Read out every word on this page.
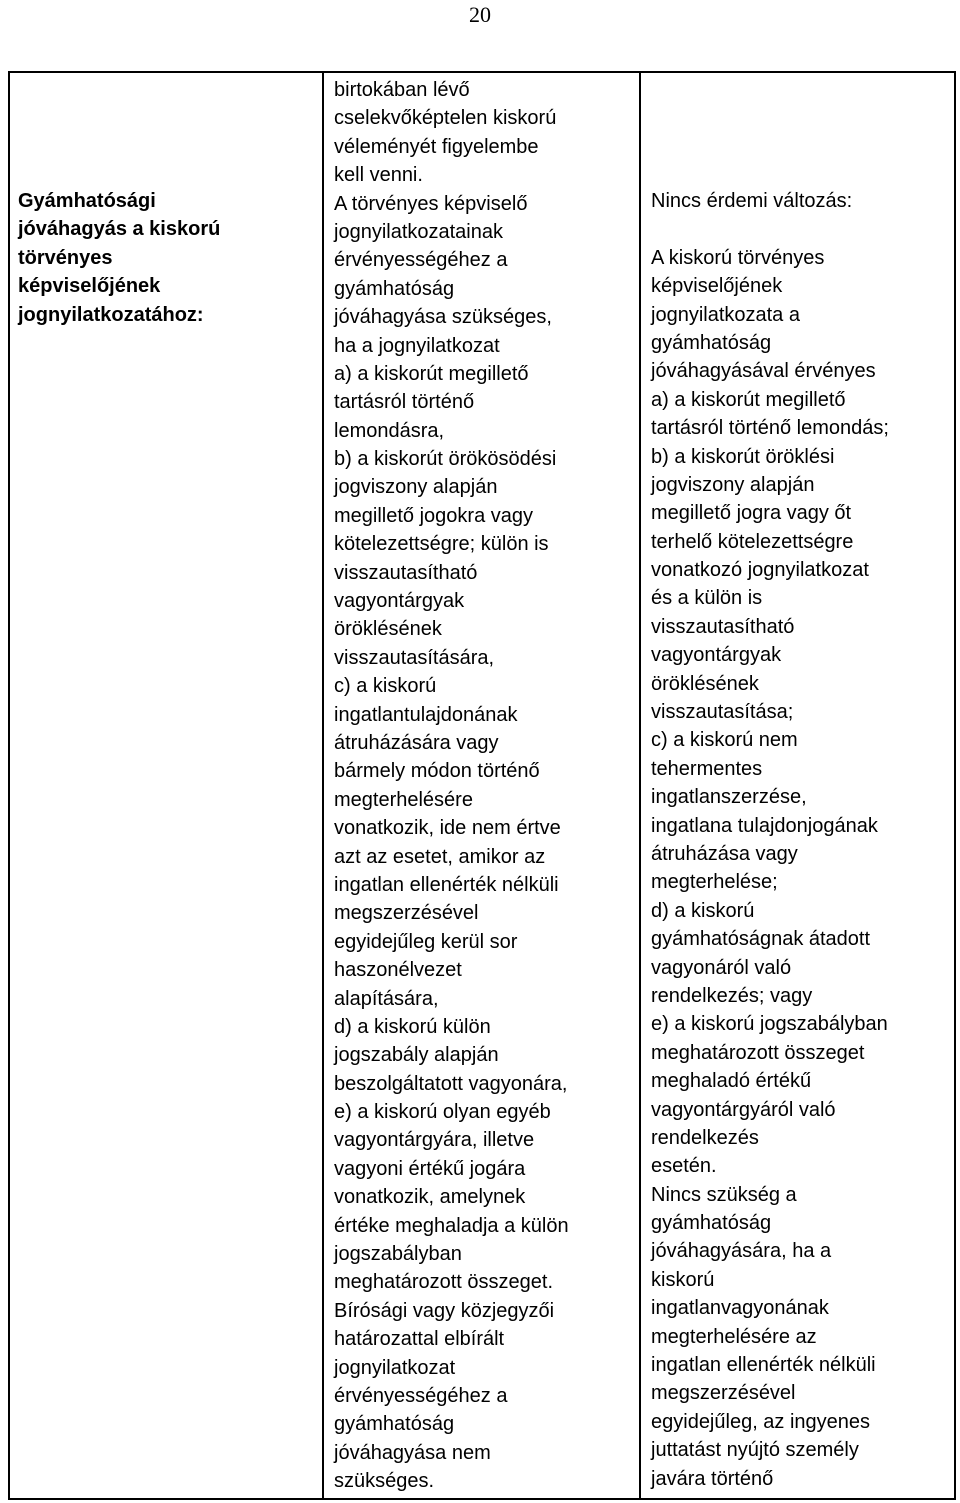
20
Gyámhatósági
jóváhagyás a kiskorú
törvényes
képviselőjének
jognyilatkozatához:
birtokában lévő
cselekvőképtelen kiskorú
véleményét figyelembe
kell venni.
A törvényes képviselő
jognyilatkozatainak
érvényességéhez a
gyámhatóság
jóváhagyása szükséges,
ha a jognyilatkozat
a) a kiskorút megillető
tartásról történő
lemondásra,
b) a kiskorút örökösödési
jogviszony alapján
megillető jogokra vagy
kötelezettségre; külön is
visszautasítható
vagyontárgyak
öröklésének
visszautasítására,
c) a kiskorú
ingatlantulajdonának
átruházására vagy
bármely módon történő
megterhelésére
vonatkozik, ide nem értve
azt az esetet, amikor az
ingatlan ellenérték nélküli
megszerzésével
egyidejűleg kerül sor
haszonélvezet
alapítására,
d) a kiskorú külön
jogszabály alapján
beszolgáltatott vagyonára,
e) a kiskorú olyan egyéb
vagyontárgyára, illetve
vagyoni értékű jogára
vonatkozik, amelynek
értéke meghaladja a külön
jogszabályban
meghatározott összeget.
Bírósági vagy közjegyzői
határozattal elbírált
jognyilatkozat
érvényességéhez a
gyámhatóság
jóváhagyása nem
szükséges.
Nincs érdemi változás:
A kiskorú törvényes
képviselőjének
jognyilatkozata a
gyámhatóság
jóváhagyásával érvényes
a) a kiskorút megillető
tartásról történő lemondás;
b) a kiskorút öröklési
jogviszony alapján
megillető jogra vagy őt
terhelő kötelezettségre
vonatkozó jognyilatkozat
és a külön is
visszautasítható
vagyontárgyak
öröklésének
visszautasítása;
c) a kiskorú nem
tehermentes
ingatlanszerzése,
ingatlana tulajdonjogának
átruházása vagy
megterhelése;
d) a kiskorú
gyámhatóságnak átadott
vagyonáról való
rendelkezés; vagy
e) a kiskorú jogszabályban
meghatározott összeget
meghaladó értékű
vagyontárgyáról való
rendelkezés
esetén.
Nincs szükség a
gyámhatóság
jóváhagyására, ha a
kiskorú
ingatlanvagyonának
megterhelésére az
ingatlan ellenérték nélküli
megszerzésével
egyidejűleg, az ingyenes
juttatást nyújtó személy
javára történő
